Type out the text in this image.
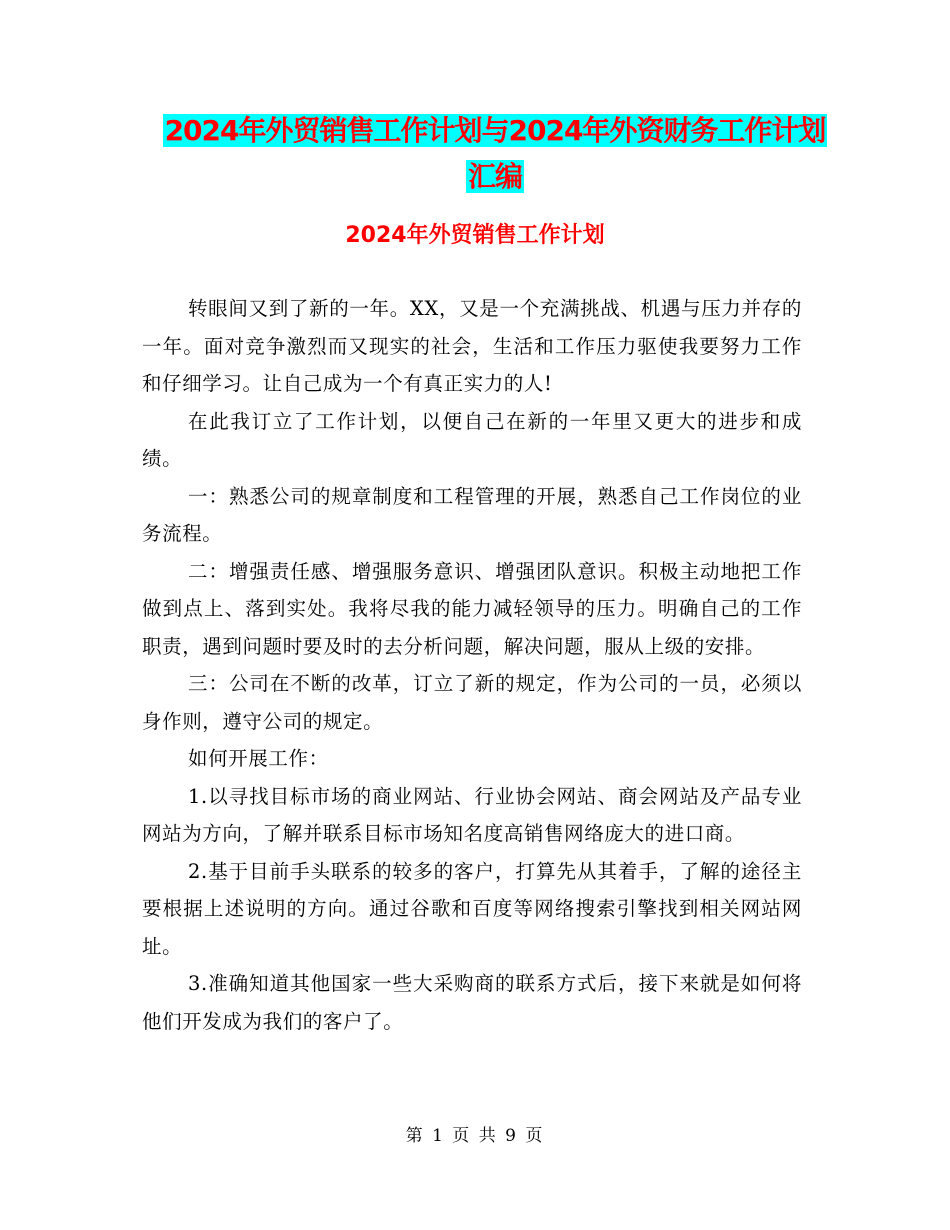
2024年外贸销售工作计划与2024年外资财务工作计划
汇编
2024年外贸销售工作计划

转眼间又到了新的一年。XX，又是一个充满挑战、机遇与压力并存的一年。面对竞争激烈而又现实的社会，生活和工作压力驱使我要努力工作和仔细学习。让自己成为一个有真正实力的人!

在此我订立了工作计划，以便自己在新的一年里又更大的进步和成绩。

一：熟悉公司的规章制度和工程管理的开展，熟悉自己工作岗位的业务流程。

二：增强责任感、增强服务意识、增强团队意识。积极主动地把工作做到点上、落到实处。我将尽我的能力减轻领导的压力。明确自己的工作职责，遇到问题时要及时的去分析问题，解决问题，服从上级的安排。

三：公司在不断的改革，订立了新的规定，作为公司的一员，必须以身作则，遵守公司的规定。

如何开展工作：

1.以寻找目标市场的商业网站、行业协会网站、商会网站及产品专业网站为方向，了解并联系目标市场知名度高销售网络庞大的进口商。

2.基于目前手头联系的较多的客户，打算先从其着手，了解的途径主要根据上述说明的方向。通过谷歌和百度等网络搜索引擎找到相关网站网址。

3.准确知道其他国家一些大采购商的联系方式后，接下来就是如何将他们开发成为我们的客户了。

第 1 页 共 9 页
